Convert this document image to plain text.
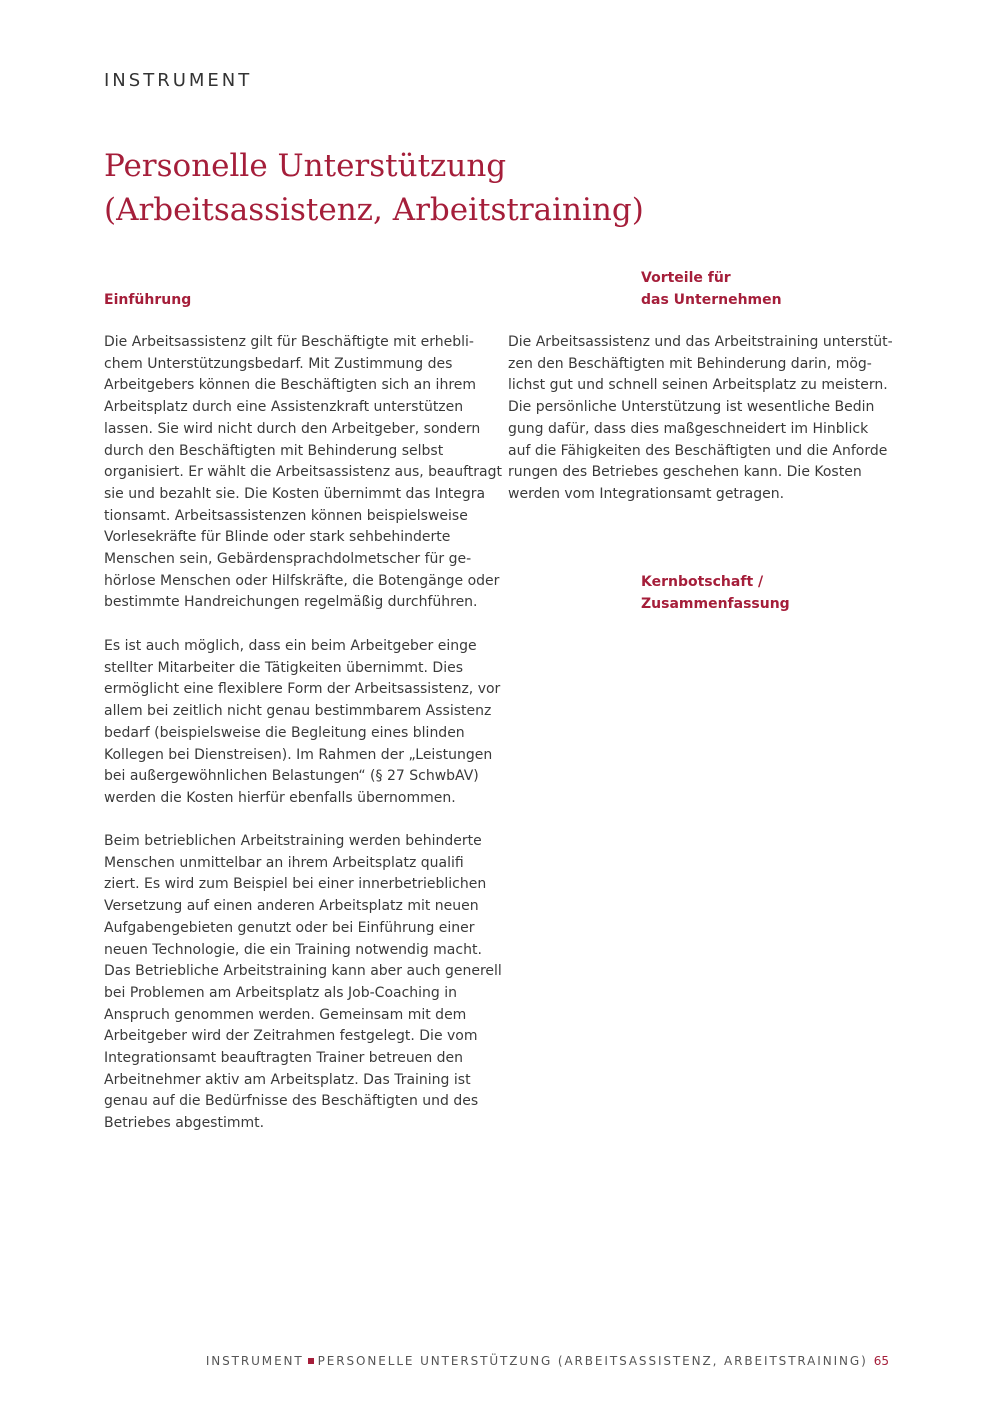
INSTRUMENT
Personelle Unterstützung
(Arbeitsassistenz, Arbeitstraining)
Einführung
Die Arbeitsassistenz gilt für Beschäftigte mit erhebli-
chem Unterstützungsbedarf. Mit Zustimmung des
Arbeitgebers können die Beschäftigten sich an ihrem
Arbeitsplatz durch eine Assistenzkraft unterstützen
lassen. Sie wird nicht durch den Arbeitgeber, sondern
durch den Beschäftigten mit Behinderung selbst
organisiert. Er wählt die Arbeitsassistenz aus, beauftragt
sie und bezahlt sie. Die Kosten übernimmt das Integra
tionsamt. Arbeitsassistenzen können beispielsweise
Vorlesekräfte für Blinde oder stark sehbehinderte
Menschen sein, Gebärdensprachdolmetscher für ge-
hörlose Menschen oder Hilfskräfte, die Botengänge oder
bestimmte Handreichungen regelmäßig durchführen.
Es ist auch möglich, dass ein beim Arbeitgeber einge
stellter Mitarbeiter die Tätigkeiten übernimmt. Dies
ermöglicht eine flexiblere Form der Arbeitsassistenz, vor
allem bei zeitlich nicht genau bestimmbarem Assistenz
bedarf (beispielsweise die Begleitung eines blinden
Kollegen bei Dienstreisen). Im Rahmen der „Leistungen
bei außergewöhnlichen Belastungen“ (§ 27 SchwbAV)
werden die Kosten hierfür ebenfalls übernommen.
Beim betrieblichen Arbeitstraining werden behinderte
Menschen unmittelbar an ihrem Arbeitsplatz qualifi
ziert. Es wird zum Beispiel bei einer innerbetrieblichen
Versetzung auf einen anderen Arbeitsplatz mit neuen
Aufgabengebieten genutzt oder bei Einführung einer
neuen Technologie, die ein Training notwendig macht.
Das Betriebliche Arbeitstraining kann aber auch generell
bei Problemen am Arbeitsplatz als Job-Coaching in
Anspruch genommen werden. Gemeinsam mit dem
Arbeitgeber wird der Zeitrahmen festgelegt. Die vom
Integrationsamt beauftragten Trainer betreuen den
Arbeitnehmer aktiv am Arbeitsplatz. Das Training ist
genau auf die Bedürfnisse des Beschäftigten und des
Betriebes abgestimmt.
Vorteile für
das Unternehmen
Die Arbeitsassistenz und das Arbeitstraining unterstüt-
zen den Beschäftigten mit Behinderung darin, mög-
lichst gut und schnell seinen Arbeitsplatz zu meistern.
Die persönliche Unterstützung ist wesentliche Bedin
gung dafür, dass dies maßgeschneidert im Hinblick
auf die Fähigkeiten des Beschäftigten und die Anforde
rungen des Betriebes geschehen kann. Die Kosten
werden vom Integrationsamt getragen.
Kernbotschaft /
Zusammenfassung
INSTRUMENT PERSONELLE UNTERSTÜTZUNG (ARBEITSASSISTENZ, ARBEITSTRAINING) 65
